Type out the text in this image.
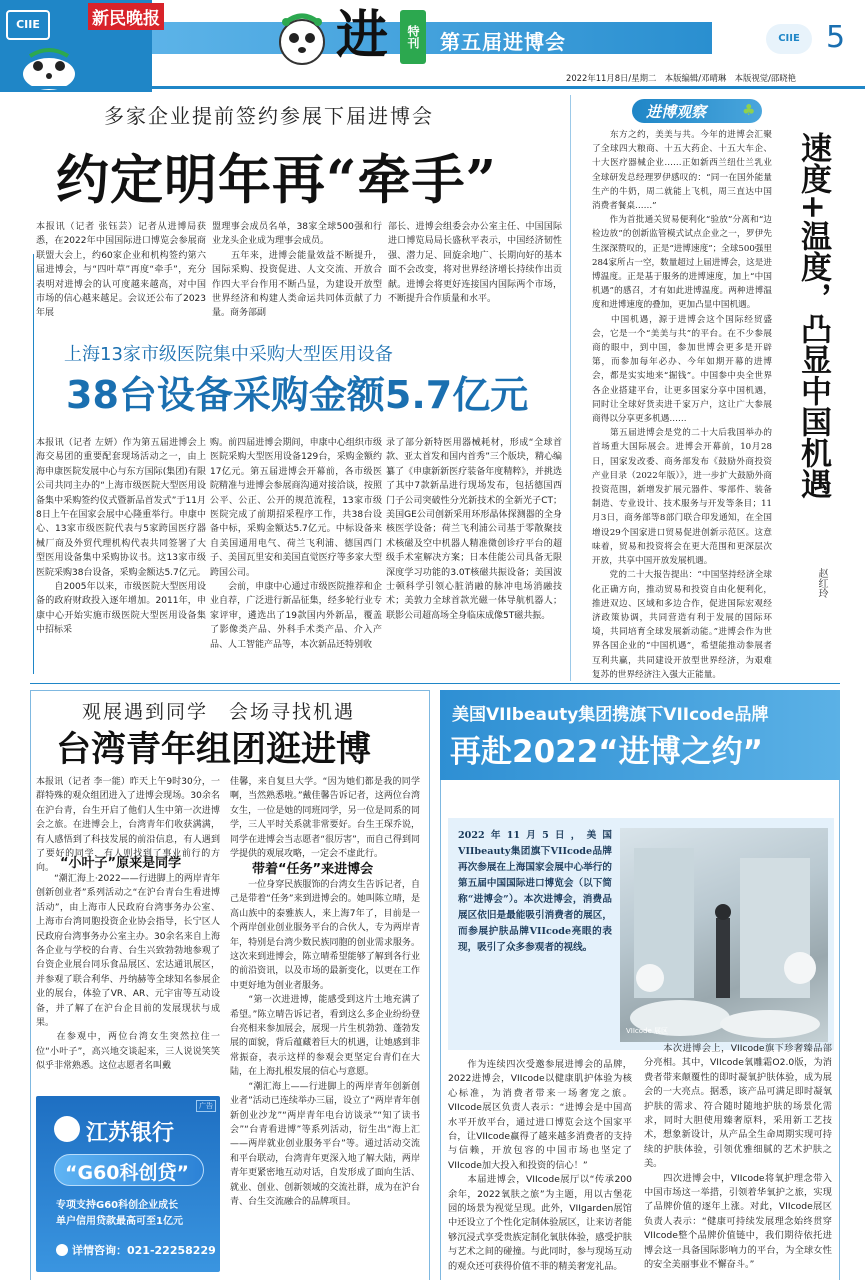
新民晚报
CIIE	进	特刊	第五届进博会	CIIE 5
2022年11月8日/星期二　本版编辑/邓晴琳　本版视觉/邵晓艳
多家企业提前签约参展下届进博会
约定明年再“牵手”
本报讯（记者 张钰芸）记者从进博局获悉，在2022年中国国际进口博览会参展商联盟大会上，约60家企业和机构签约第六届进博会，与“四叶草”再度“牵手”，充分表明对进博会的认可度越来越高，对中国市场的信心越来越足。会议还公布了2023年展
盟理事会成员名单，38家全球500强和行业龙头企业成为理事会成员。
　　五年来，进博会能量效益不断提升，国际采购、投资促进、人文交流、开放合作四大平台作用不断凸显，为建设开放型世界经济和构建人类命运共同体贡献了力量。商务部副
部长、进博会组委会办公室主任、中国国际进口博览局局长盛秋平表示，中国经济韧性强、潜力足、回旋余地广、长期向好的基本面不会改变，将对世界经济增长持续作出贡献。进博会将更好连接国内国际两个市场，不断提升合作质量和水平。
上海13家市级医院集中采购大型医用设备
38台设备采购金额5.7亿元
本报讯（记者 左妍）作为第五届进博会上海交易团的重要配套现场活动之一，由上海申康医院发展中心与东方国际(集团)有限公司共同主办的“上海市级医院大型医用设备集中采购签约仪式暨新品首发式”于11月8日上午在国家会展中心隆重举行。申康中心、13家市级医院代表与5家跨国医疗器械厂商及外贸代理机构代表共同签署了大型医用设备集中采购协议书。这13家市级医院采购38台设备，采购金额达5.7亿元。
　　自2005年以来，市级医院大型医用设备的政府财政投入逐年增加。2011年，申康中心开始实施市级医院大型医用设备集中招标采
购。前四届进博会期间，申康中心组织市级医院采购大型医用设备129台，采购金额约17亿元。第五届进博会开幕前，各市级医院精准与进博会参展商沟通对接洽谈，按照公平、公正、公开的规范流程，13家市级医院完成了前期招采程序工作，共38台设备中标，采购金额达5.7亿元。中标设备来自美国通用电气、荷兰飞利浦、德国西门子、美国瓦里安和美国直觉医疗等多家大型跨国公司。
　　会前，申康中心通过市级医院推荐和企业自荐，广泛进行新品征集，经多轮行业专家评审，遴选出了19款国内外新品，覆盖了影像类产品、外科手术类产品、介入产品、人工智能产品等，本次新品还特别收
录了部分新特医用器械耗材，形成“全球首款、亚太首发和国内首秀”三个版块，精心编纂了《申康新新医疗装备年度精粹》，并挑选了其中7款新品进行现场发布，包括德国西门子公司突破性分光新技术的全新光子CT；美国GE公司创新采用环形晶体探测器的全身核医学设备；荷兰飞利浦公司基于零散聚技术核磁及空中机器人精准微创诊疗平台的超级手术室解决方案；日本佳能公司具备无限深度学习功能的3.0T核磁共振设备；美国波士顿科学引领心脏消融的脉冲电场消融技术；美敦力全球首款光磁一体导航机器人；联影公司超高场全身临床成像5T磁共振。
进博观察 ♣
　　东方之约，美美与共。今年的进博会汇聚了全球四大粮商、十五大药企、十五大车企、十大医疗器械企业……正如新西兰纽仕兰乳业全球研发总经理罗伊感叹的：“同一在国外能量生产的牛奶，周二就能上飞机，周三直达中国消费者餐桌……”
　　作为首批通关贸易便利化“验放”分离和“边检边放”的创新监管模式试点企业之一，罗伊先生深深赞叹的，正是“进博速度”；全球500强里284家所占一空，数量超过上届进博会，这是进博温度。正是基于服务的进博速度，加上“中国机遇”的感召，才有如此进博温度。两种进博温度和进博速度的叠加，更加凸显中国机遇。
　　中国机遇，源于进博会这个国际经贸盛会，它是一个“美美与共”的平台。在不少参展商的眼中，到中国，参加世博会更多是开辟第，而参加每年必办、今年如期开幕的进博会，都是实实地来“掘钱”。中国参中央全世界各企业搭建平台，让更多国家分享中国机遇，同时让全球好货卖进千家万户，这让广大参展商得以分享更多机遇……
　　第五届进博会是党的二十大后我国举办的首场重大国际展会。进博会开幕前，10月28日，国家发改委、商务部发布《鼓励外商投资产业目录（2022年版）》，进一步扩大鼓励外商投资范围，新增发扩展元器件、零部件、装备制造、专业设计、技术服务与开发等条目；11月3日，商务部等8部门联合印发通知，在全国增设29个国家进口贸易促进创新示范区。这意味着，贸易和投资将会在更大范围和更深层次开放，共享中国开放发展机遇。
　　党的二十大报告提出：“中国坚持经济全球化正确方向，推动贸易和投资自由化便利化，推进双边、区域和多边合作，促进国际宏观经济政策协调，共同营造有利于发展的国际环境，共同培育全球发展新动能。”进博会作为世界各国企业的“中国机遇”，希望能推动参展者互利共赢，共同建设开放型世界经济，为艰难复苏的世界经济注入强大正能量。
速度+温度，凸显中国机遇
赵红玲
观展遇到同学　会场寻找机遇
台湾青年组团逛进博
本报讯（记者 李一能）昨天上午9时30分，一群特殊的观众组团进入了进博会现场。30余名在沪台青，台生开启了他们人生中第一次进博会之旅。在进博会上，台湾青年们收获满满，有人感悟到了科技发展的前沿信息，有人遇到了要好的同学，有人则找到了事业前行的方向。 “小叶子”原来是同学
　　“潮汇海上·2022——行进脚上的两岸青年创新创业者”系列活动之“在沪台青台生看进博活动”，由上海市人民政府台湾事务办公室、上海市台湾同胞投资企业协会指导，长宁区人民政府台湾事务办公室主办。30余名来自上海各企业与学校的台青、台生兴致勃勃地参观了台资企业展台同乐食品展区、宏达通讯展区，并参观了联合利华、丹纳赫等全球知名参展企业的展台，体验了VR、AR、元宇宙等互动设备，并了解了在沪台企目前的发展现状与成果。
　　在参观中，两位台湾女生突然拉住一位“小叶子”，高兴地交谈起来，三人说说笑笑似乎非常熟悉。这位志愿者名叫戴
佳馨，来自复旦大学。“因为她们都是我的同学啊，当然熟悉啦。”戴佳馨告诉记者，这两位台湾女生，一位是她的同班同学，另一位是同系的同学，三人平时关系就非常要好。台生王琛乔说，同学在进博会当志愿者“很厉害”，而自己得到同学提供的观展攻略，一定会不虚此行。
带着“任务”来进博会
　　一位身穿民族服饰的台湾女生告诉记者，自己是带着“任务”来到进博会的。她叫陈立晴，是高山族中的泰雅族人，来上海7年了，目前是一个两岸创业创业服务平台的合伙人，专为两岸青年，特别是台湾少数民族同胞的创业需求服务。这次来到进博会，陈立晴希望能够了解到各行业的前沿资讯，以及市场的最新变化，以更在工作中更好地为创业者服务。
　　“第一次进进博，能感受到这片土地充满了希望。”陈立晴告诉记者，看到这么多企业纷纷登台亮相来参加展会，展现一片生机勃勃、蓬勃发展的面貌，背后蕴藏着巨大的机遇，让她感到非常振奋，表示这样的参观会更坚定台青们在大陆，在上海扎根发展的信心与意愿。
　　“潮汇海上——行进脚上的两岸青年创新创业者”活动已连续举办三届，设立了“两岸青年创新创业沙龙”“两岸青年电台访谈录”“知了读书会”“台青看进博”等系列活动，衍生出“海上汇——两岸就业创业服务平台”等。通过活动交流和平台联动，台湾青年更深入地了解大陆，两岸青年更紧密地互动对话，自发形成了面向生活、就业、创业、创新领域的交流社群，成为在沪台青、台生交流融合的品牌项目。
广告
江苏银行
“G60科创贷”
专项支持G60科创企业成长
单户信用贷款最高可至1亿元
详情咨询：021-22258229
美国VIIbeauty集团携旗下VIIcode品牌
再赴2022“进博之约”
2022年11月5日，美国VIIbeauty集团旗下VIIcode品牌再次参展在上海国家会展中心举行的第五届中国国际进口博览会（以下简称“进博会”）。本次进博会，消费品展区依旧是最能吸引消费者的展区，而参展护肤品牌VIIcode亮眼的表现，吸引了众多参观者的视线。
VIIcode 展区
　　作为连续四次受邀参展进博会的品牌，2022进博会，VIIcode以健康肌护体验为核心标准，为消费者带来一场奢宠之旅。VIIcode展区负责人表示：“进博会是中国高水平开放平台，通过进口博览会这个国家平台，让VIIcode赢得了越来越多消费者的支持与信赖，开放包容的中国市场也坚定了VIIcode加大投入和投资的信心！”
　　本届进博会，VIIcode展厅以“传承200余年，2022氧肤之旅”为主题，用以古堡花园的场景为视觉呈现。此外，VIIgarden展馆中还设立了个性化定制体验展区，让来访者能够沉浸式享受贵族定制化氧肤体验，感受护肤与艺术之间的碰撞。与此同时，参与现场互动的观众还可获得价值不菲的精美奢宠礼品。
　　本次进博会上，VIIcode旗下珍奢臻品部分亮相。其中，VIIcode氧雕霜O2.0版，为消费者带来颠覆性的即时凝氧护肤体验，成为展会的一大亮点。据悉，该产品可满足即时凝氧护肤的需求、符合随时随地护肤的场景化需求，同时大胆使用臻奢原料，采用新工艺技术，想象新设计，从产品全生命周期实现可持续的护肤体验，引领优雅细腻的艺术护肤之美。
　　四次进博会中，VIIcode将氧护理念带入中国市场这一举措，引领着华氧护之旅，实现了品牌价值的逐年上涨。对此，VIIcode展区负责人表示：“健康可持续发展理念始终贯穿VIIcode整个品牌价值链中，我们期待依托进博会这一具备国际影响力的平台，为全球女性的安全美丽事业不懈奋斗。”
